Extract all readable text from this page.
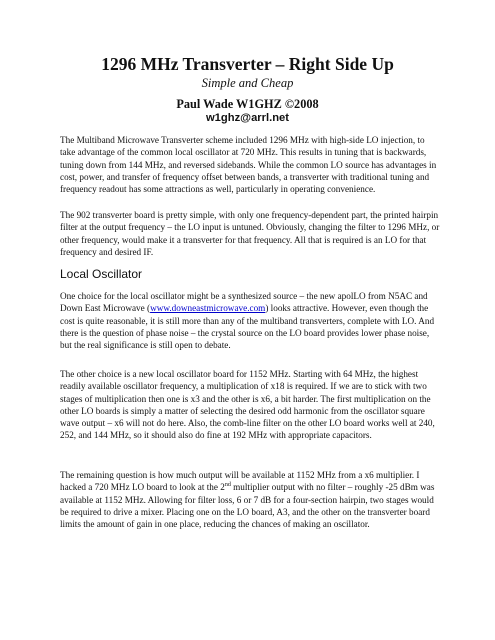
1296 MHz Transverter – Right Side Up

Simple and Cheap

Paul Wade W1GHZ ©2008

w1ghz@arrl.net

The Multiband Microwave Transverter scheme included 1296 MHz with high-side LO injection, to take advantage of the common local oscillator at 720 MHz. This results in tuning that is backwards, tuning down from 144 MHz, and reversed sidebands. While the common LO source has advantages in cost, power, and transfer of frequency offset between bands, a transverter with traditional tuning and frequency readout has some attractions as well, particularly in operating convenience.

The 902 transverter board is pretty simple, with only one frequency-dependent part, the printed hairpin filter at the output frequency – the LO input is untuned. Obviously, changing the filter to 1296 MHz, or other frequency, would make it a transverter for that frequency. All that is required is an LO for that frequency and desired IF.

Local Oscillator

One choice for the local oscillator might be a synthesized source – the new apolLO from N5AC and Down East Microwave (www.downeastmicrowave.com) looks attractive. However, even though the cost is quite reasonable, it is still more than any of the multiband transverters, complete with LO. And there is the question of phase noise – the crystal source on the LO board provides lower phase noise, but the real significance is still open to debate.

The other choice is a new local oscillator board for 1152 MHz. Starting with 64 MHz, the highest readily available oscillator frequency, a multiplication of x18 is required. If we are to stick with two stages of multiplication then one is x3 and the other is x6, a bit harder. The first multiplication on the other LO boards is simply a matter of selecting the desired odd harmonic from the oscillator square wave output – x6 will not do here. Also, the comb-line filter on the other LO board works well at 240, 252, and 144 MHz, so it should also do fine at 192 MHz with appropriate capacitors.

The remaining question is how much output will be available at 1152 MHz from a x6 multiplier. I hacked a 720 MHz LO board to look at the 2nd multiplier output with no filter – roughly -25 dBm was available at 1152 MHz. Allowing for filter loss, 6 or 7 dB for a four-section hairpin, two stages would be required to drive a mixer. Placing one on the LO board, A3, and the other on the transverter board limits the amount of gain in one place, reducing the chances of making an oscillator.
